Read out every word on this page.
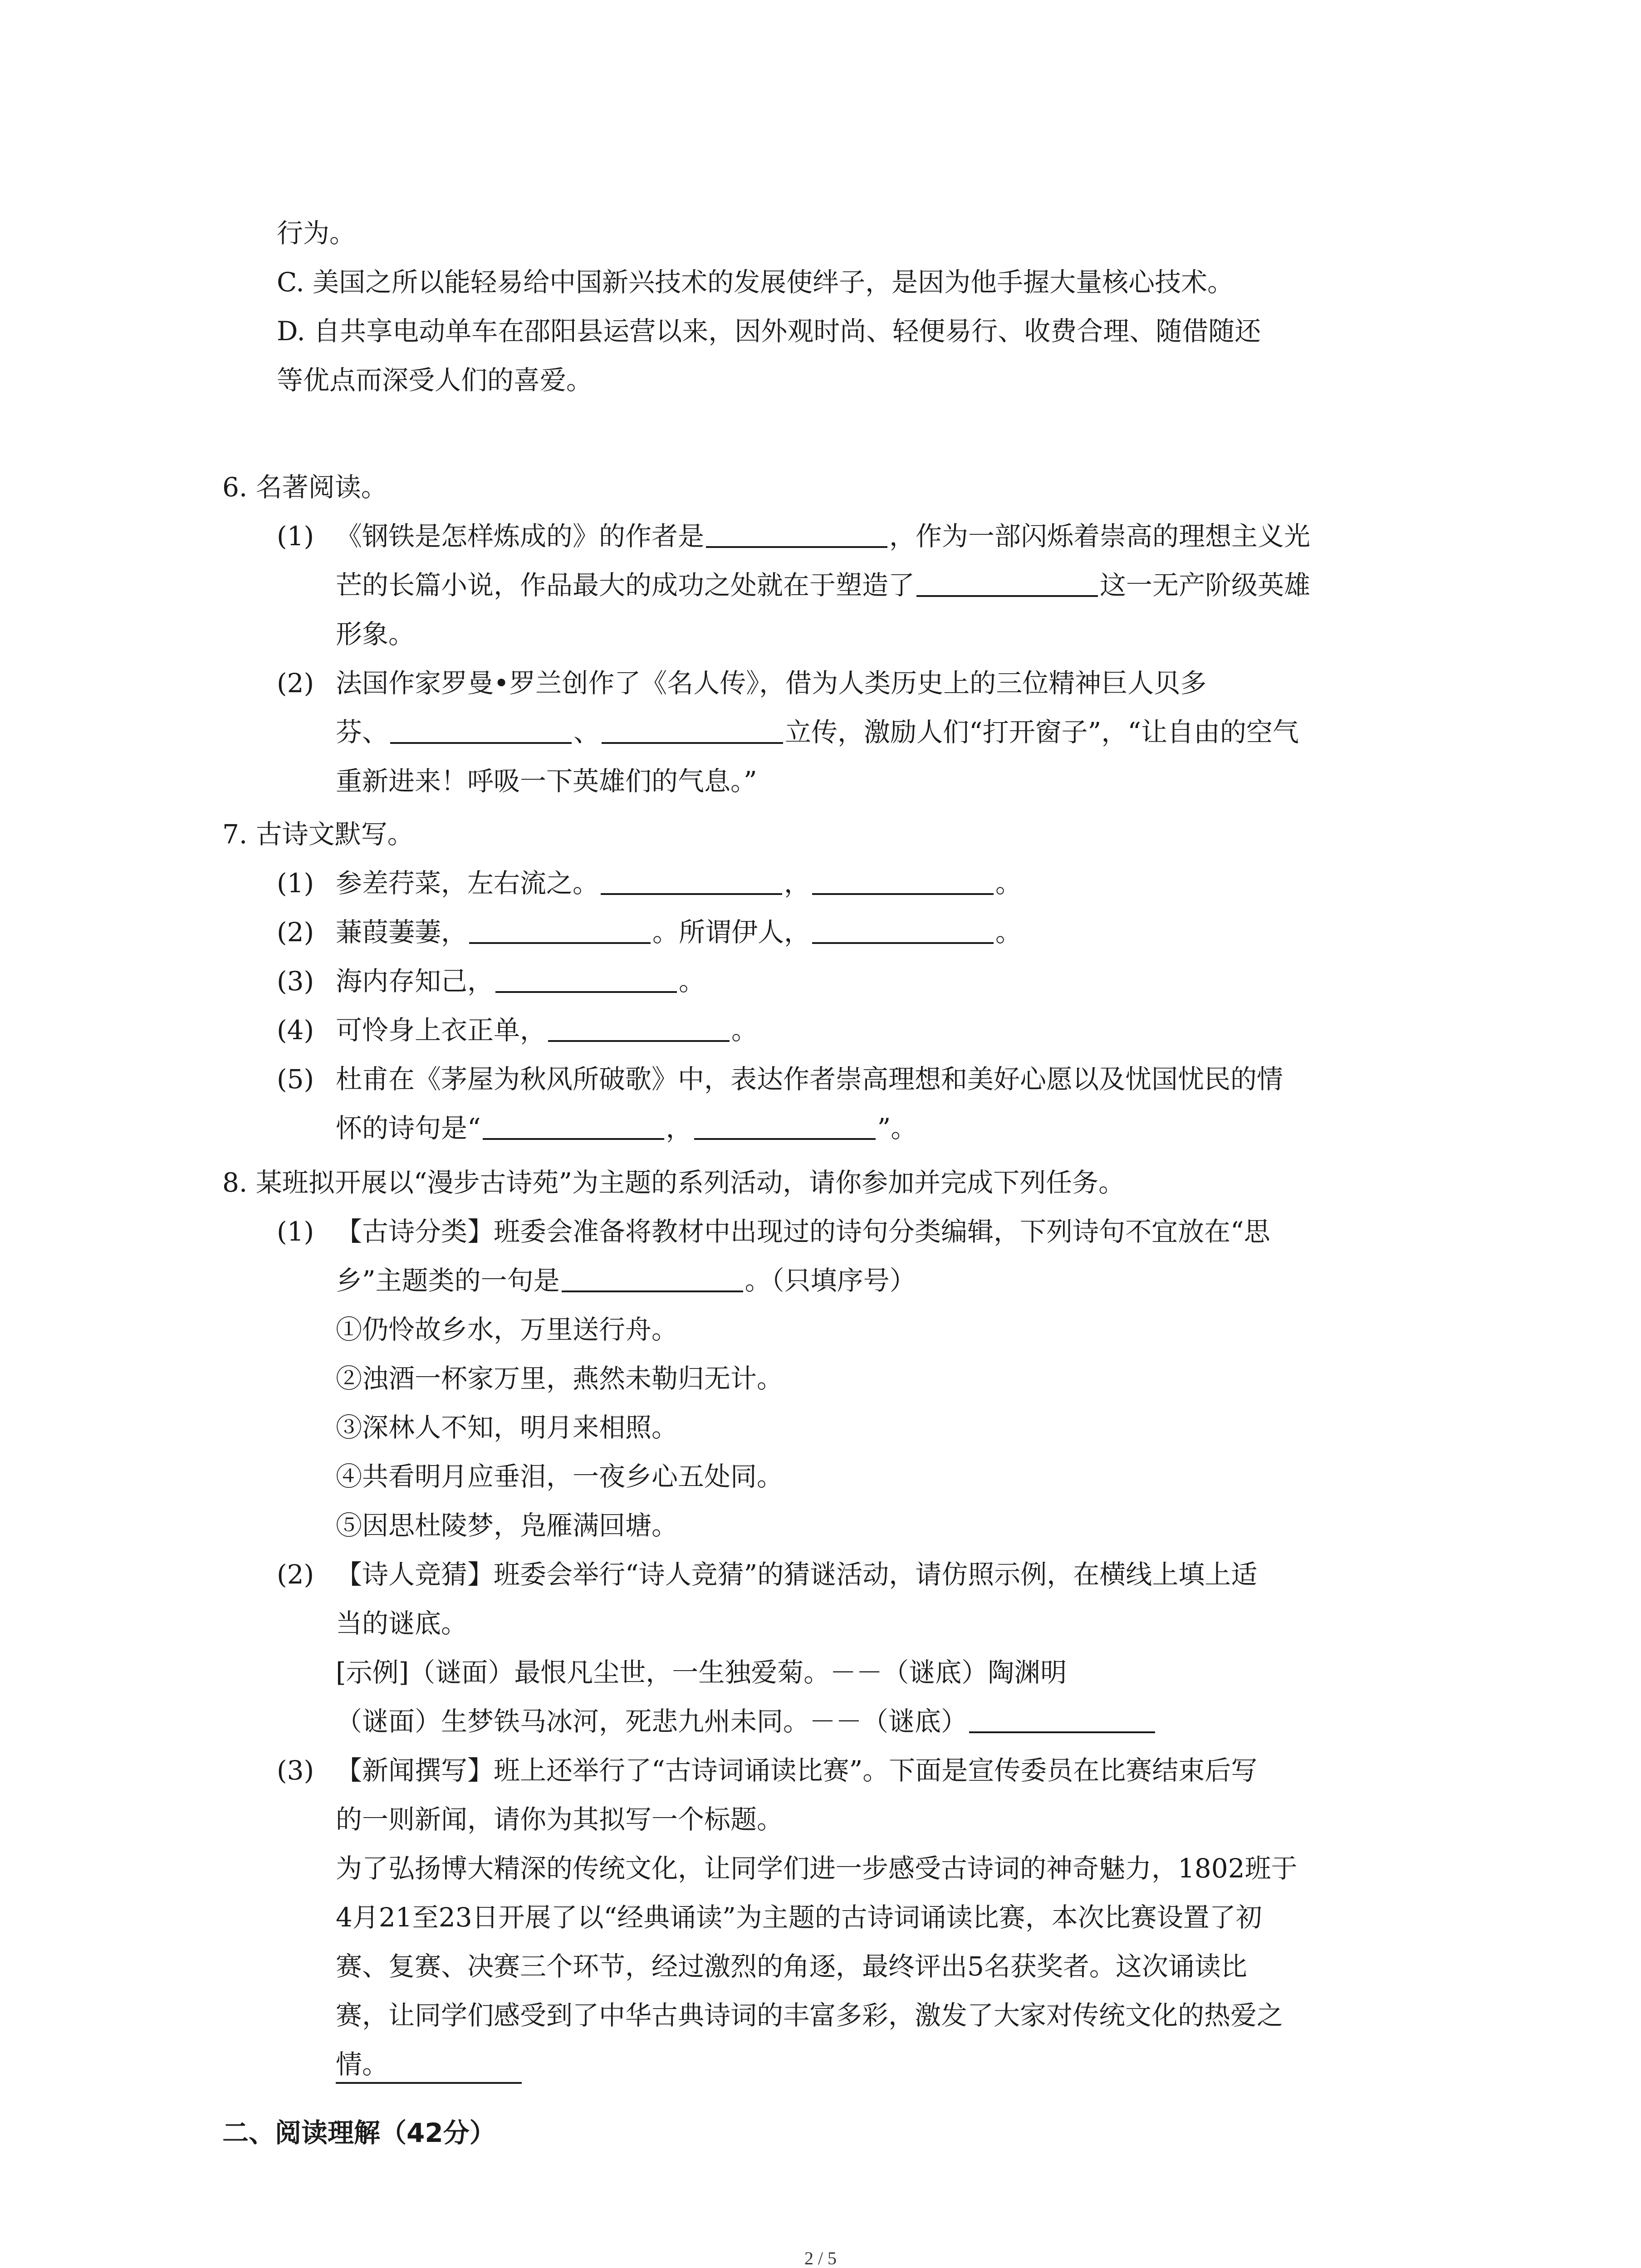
行为。
C. 美国之所以能轻易给中国新兴技术的发展使绊子，是因为他手握大量核心技术。
D. 自共享电动单车在邵阳县运营以来，因外观时尚、轻便易行、收费合理、随借随还
等优点而深受人们的喜爱。
6. 名著阅读。
(1) 《钢铁是怎样炼成的》的作者是	，作为一部闪烁着崇高的理想主义光
芒的长篇小说，作品最大的成功之处就在于塑造了	这一无产阶级英雄
形象。
(2) 法国作家罗曼•罗兰创作了《名人传》，借为人类历史上的三位精神巨人贝多
芬、	、	立传，激励人们“打开窗子”，“让自由的空气
重新进来！呼吸一下英雄们的气息。”
7. 古诗文默写。
(1) 参差荇菜，左右流之。	，	。
(2) 蒹葭萋萋，	。所谓伊人，	。
(3) 海内存知己，	。
(4) 可怜身上衣正单，	。
(5) 杜甫在《茅屋为秋风所破歌》中，表达作者崇高理想和美好心愿以及忧国忧民的情
怀的诗句是“	，	”。
8. 某班拟开展以“漫步古诗苑”为主题的系列活动，请你参加并完成下列任务。
(1) 【古诗分类】班委会准备将教材中出现过的诗句分类编辑，下列诗句不宜放在“思
乡”主题类的一句是	。（只填序号）
①仍怜故乡水，万里送行舟。
②浊酒一杯家万里，燕然未勒归无计。
③深林人不知，明月来相照。
④共看明月应垂泪，一夜乡心五处同。
⑤因思杜陵梦，凫雁满回塘。
(2) 【诗人竞猜】班委会举行“诗人竞猜”的猜谜活动，请仿照示例，在横线上填上适
当的谜底。
[示例]（谜面）最恨凡尘世，一生独爱菊。－－（谜底）陶渊明
（谜面）生梦铁马冰河，死悲九州未同。－－（谜底）
(3) 【新闻撰写】班上还举行了“古诗词诵读比赛”。下面是宣传委员在比赛结束后写
的一则新闻，请你为其拟写一个标题。
为了弘扬博大精深的传统文化，让同学们进一步感受古诗词的神奇魅力，1802班于
4月21至23日开展了以“经典诵读”为主题的古诗词诵读比赛，本次比赛设置了初
赛、复赛、决赛三个环节，经过激烈的角逐，最终评出5名获奖者。这次诵读比
赛，让同学们感受到了中华古典诗词的丰富多彩，激发了大家对传统文化的热爱之
情。
二、阅读理解（42分）
2 / 5
